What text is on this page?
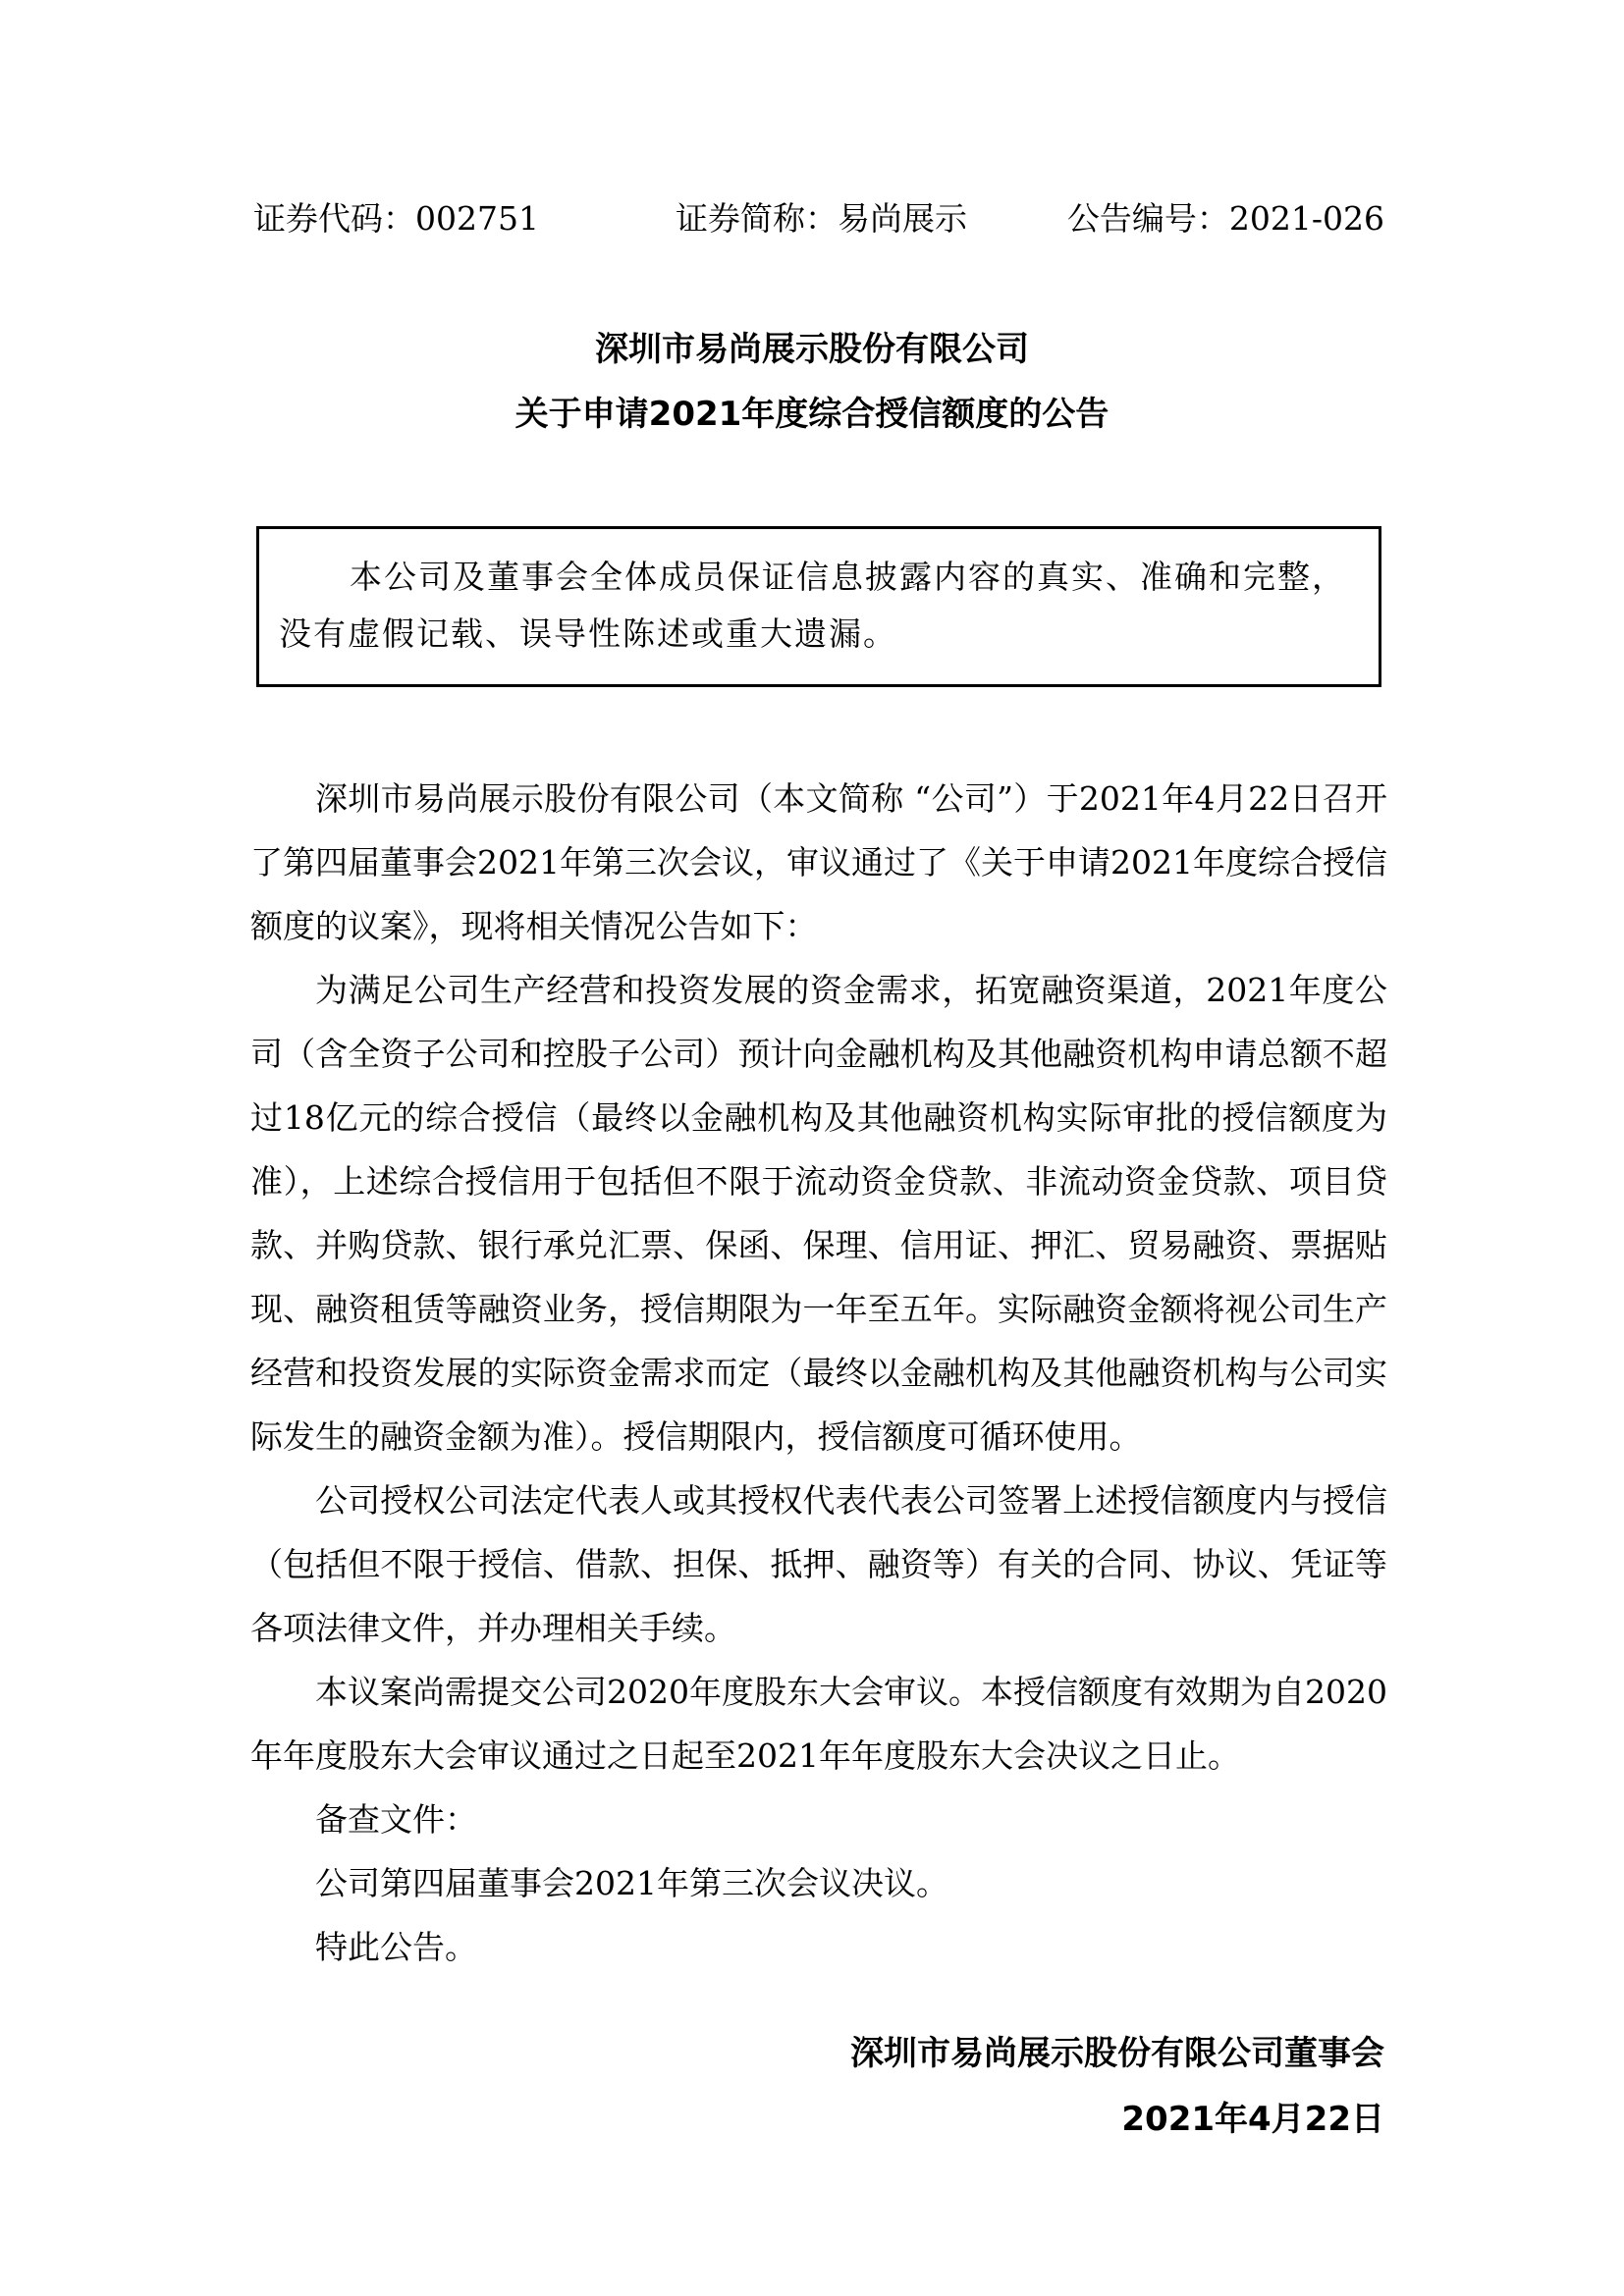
证券代码：002751	证券简称：易尚展示	公告编号：2021-026
深圳市易尚展示股份有限公司
关于申请2021年度综合授信额度的公告
本公司及董事会全体成员保证信息披露内容的真实、准确和完整，没有虚假记载、误导性陈述或重大遗漏。

深圳市易尚展示股份有限公司（本文简称 “公司”）于2021年4月22日召开了第四届董事会2021年第三次会议，审议通过了《关于申请2021年度综合授信额度的议案》，现将相关情况公告如下：

为满足公司生产经营和投资发展的资金需求，拓宽融资渠道，2021年度公司（含全资子公司和控股子公司）预计向金融机构及其他融资机构申请总额不超过18亿元的综合授信（最终以金融机构及其他融资机构实际审批的授信额度为准），上述综合授信用于包括但不限于流动资金贷款、非流动资金贷款、项目贷款、并购贷款、银行承兑汇票、保函、保理、信用证、押汇、贸易融资、票据贴现、融资租赁等融资业务，授信期限为一年至五年。实际融资金额将视公司生产经营和投资发展的实际资金需求而定（最终以金融机构及其他融资机构与公司实际发生的融资金额为准）。授信期限内，授信额度可循环使用。

公司授权公司法定代表人或其授权代表代表公司签署上述授信额度内与授信（包括但不限于授信、借款、担保、抵押、融资等）有关的合同、协议、凭证等各项法律文件，并办理相关手续。

本议案尚需提交公司2020年度股东大会审议。本授信额度有效期为自2020年年度股东大会审议通过之日起至2021年年度股东大会决议之日止。

备查文件：

公司第四届董事会2021年第三次会议决议。

特此公告。

深圳市易尚展示股份有限公司董事会
2021年4月22日
